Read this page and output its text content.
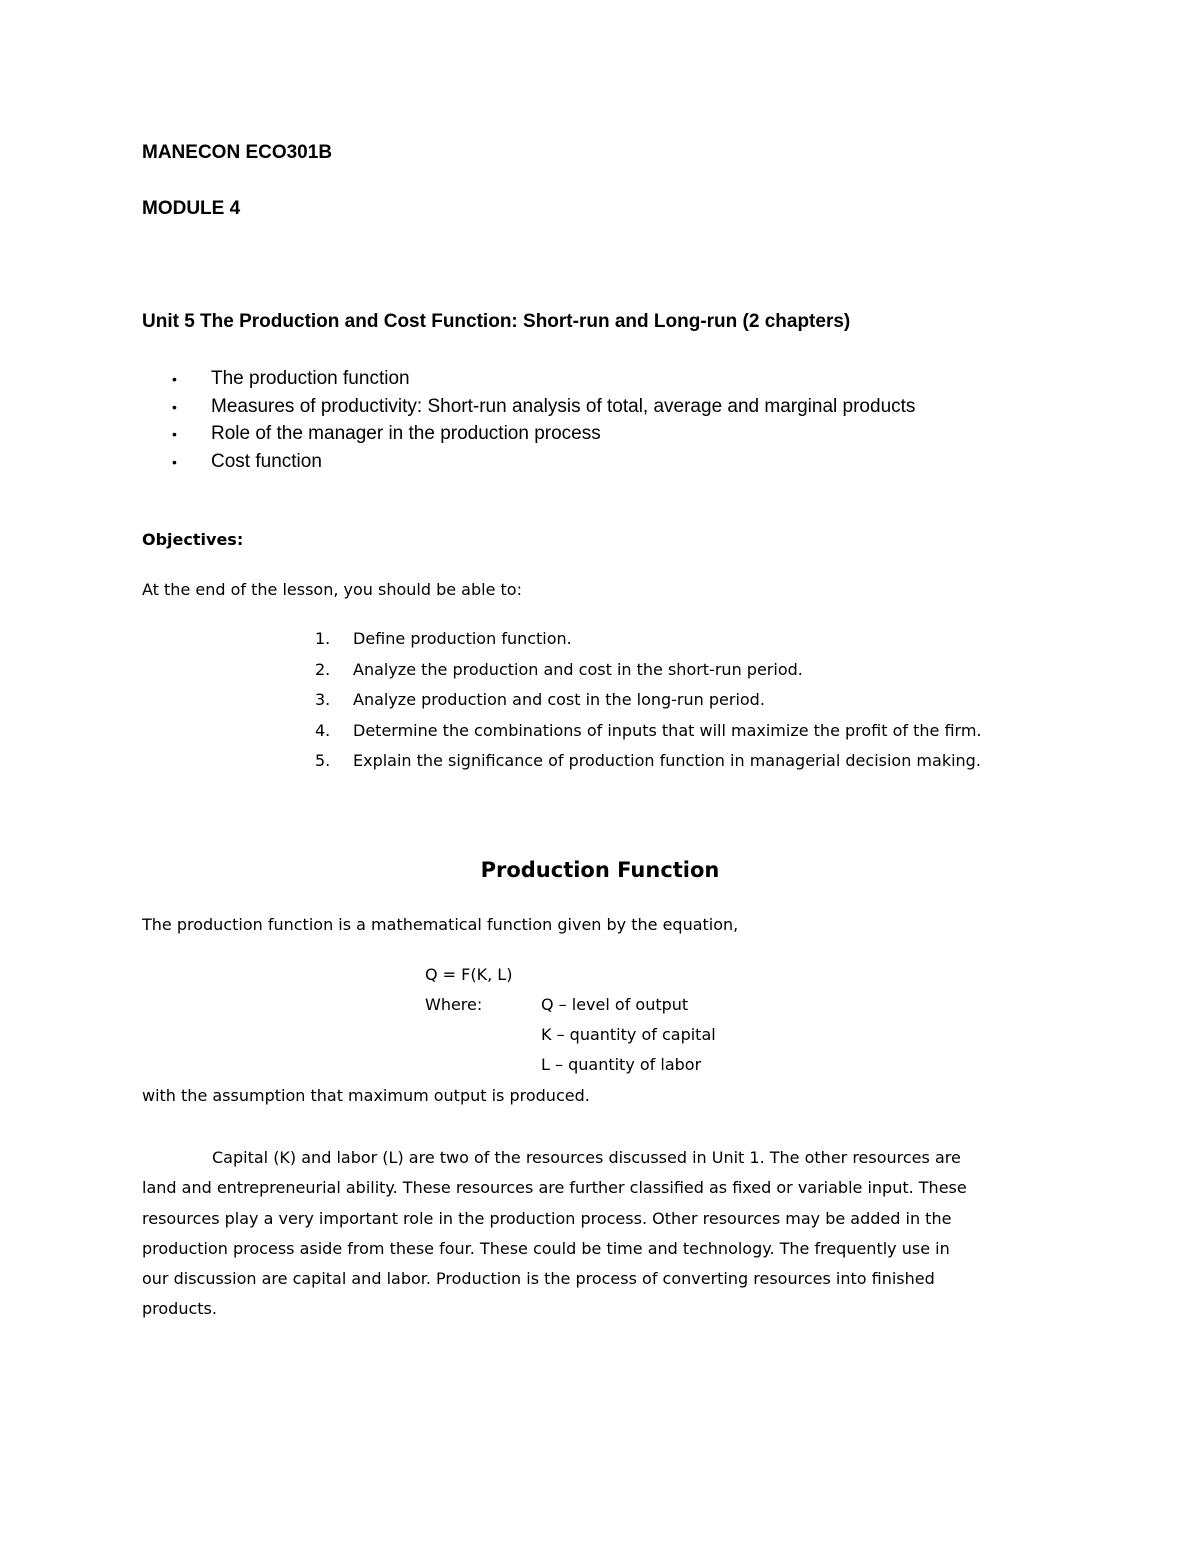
MANECON ECO301B
MODULE 4
Unit 5 The Production and Cost Function: Short-run and Long-run (2 chapters)
• The production function
• Measures of productivity: Short-run analysis of total, average and marginal products
• Role of the manager in the production process
• Cost function
Objectives:
At the end of the lesson, you should be able to:
1. Define production function.
2. Analyze the production and cost in the short-run period.
3. Analyze production and cost in the long-run period.
4. Determine the combinations of inputs that will maximize the profit of the firm.
5. Explain the significance of production function in managerial decision making.
Production Function
The production function is a mathematical function given by the equation,
Q = F(K, L)
Where:	Q – level of output
K – quantity of capital
L – quantity of labor
with the assumption that maximum output is produced.
Capital (K) and labor (L) are two of the resources discussed in Unit 1. The other resources are
land and entrepreneurial ability. These resources are further classified as fixed or variable input. These
resources play a very important role in the production process. Other resources may be added in the
production process aside from these four. These could be time and technology. The frequently use in
our discussion are capital and labor. Production is the process of converting resources into finished
products.
